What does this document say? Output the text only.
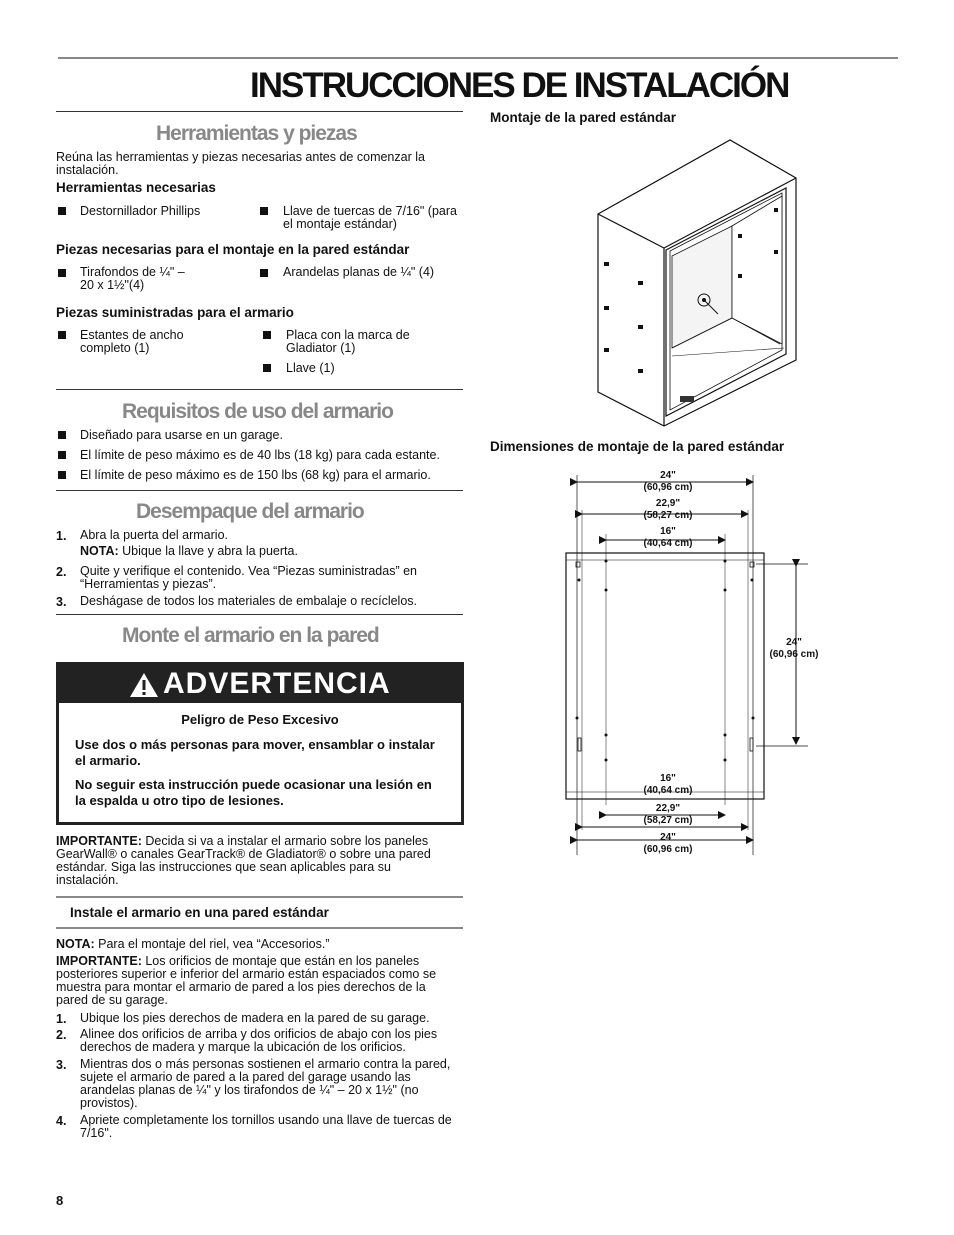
INSTRUCCIONES DE INSTALACIÓN
Herramientas y piezas
Reúna las herramientas y piezas necesarias antes de comenzar la instalación.
Herramientas necesarias
Destornillador Phillips	Llave de tuercas de 7/16" (para el montaje estándar)
Piezas necesarias para el montaje en la pared estándar
Tirafondos de ¼" – 20 x 1½"(4)
Arandelas planas de ¼" (4)
Piezas suministradas para el armario
Estantes de ancho completo (1)
Placa con la marca de Gladiator (1)
Llave (1)
Requisitos de uso del armario
Diseñado para usarse en un garage.
El límite de peso máximo es de 40 lbs (18 kg) para cada estante.
El límite de peso máximo es de 150 lbs (68 kg) para el armario.
Desempaque del armario
1. Abra la puerta del armario.
NOTA: Ubique la llave y abra la puerta.
2. Quite y verifique el contenido. Vea “Piezas suministradas” en “Herramientas y piezas”.
3. Deshágase de todos los materiales de embalaje o recíclelos.
Monte el armario en la pared
ADVERTENCIA
Peligro de Peso Excesivo
Use dos o más personas para mover, ensamblar o instalar el armario.
No seguir esta instrucción puede ocasionar una lesión en la espalda u otro tipo de lesiones.
IMPORTANTE: Decida si va a instalar el armario sobre los paneles GearWall® o canales GearTrack® de Gladiator® o sobre una pared estándar. Siga las instrucciones que sean aplicables para su instalación.
Instale el armario en una pared estándar
NOTA: Para el montaje del riel, vea “Accesorios.”
IMPORTANTE: Los orificios de montaje que están en los paneles posteriores superior e inferior del armario están espaciados como se muestra para montar el armario de pared a los pies derechos de la pared de su garage.
1. Ubique los pies derechos de madera en la pared de su garage.
2. Alinee dos orificios de arriba y dos orificios de abajo con los pies derechos de madera y marque la ubicación de los orificios.
3. Mientras dos o más personas sostienen el armario contra la pared, sujete el armario de pared a la pared del garage usando las arandelas planas de ¼" y los tirafondos de ¼" – 20 x 1½" (no provistos).
4. Apriete completamente los tornillos usando una llave de tuercas de 7/16".
8
Montaje de la pared estándar
Dimensiones de montaje de la pared estándar
24"
(60,96 cm)
22,9"
(58,27 cm)
16"
(40,64 cm)
24"
(60,96 cm)
16"
(40,64 cm)
22,9"
(58,27 cm)
24"
(60,96 cm)
